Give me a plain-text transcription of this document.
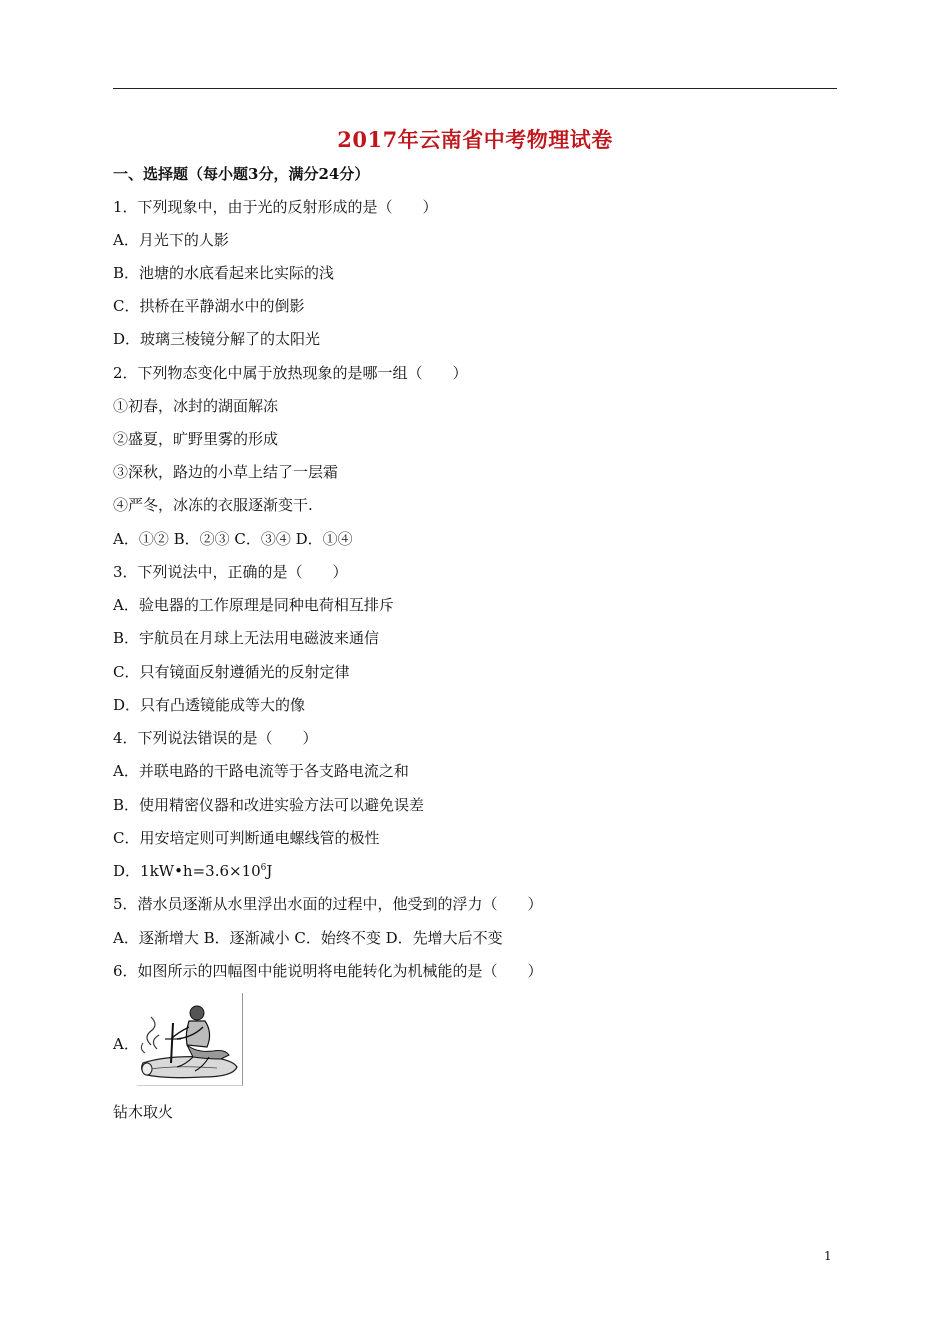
2017年云南省中考物理试卷
一、选择题（每小题3分，满分24分）
1．下列现象中，由于光的反射形成的是（　　）
A．月光下的人影
B．池塘的水底看起来比实际的浅
C．拱桥在平静湖水中的倒影
D．玻璃三棱镜分解了的太阳光
2．下列物态变化中属于放热现象的是哪一组（　　）
①初春，冰封的湖面解冻
②盛夏，旷野里雾的形成
③深秋，路边的小草上结了一层霜
④严冬，冰冻的衣服逐渐变干.
A．①② B．②③ C．③④ D．①④
3．下列说法中，正确的是（　　）
A．验电器的工作原理是同种电荷相互排斥
B．宇航员在月球上无法用电磁波来通信
C．只有镜面反射遵循光的反射定律
D．只有凸透镜能成等大的像
4．下列说法错误的是（　　）
A．并联电路的干路电流等于各支路电流之和
B．使用精密仪器和改进实验方法可以避免误差
C．用安培定则可判断通电螺线管的极性
D．$1kW•h=3.6\times 10^6J$
5．潜水员逐渐从水里浮出水面的过程中，他受到的浮力（　　）
A．逐渐增大 B．逐渐减小 C．始终不变 D．先增大后不变
6．如图所示的四幅图中能说明将电能转化为机械能的是（　　）
A．
钻木取火
1
